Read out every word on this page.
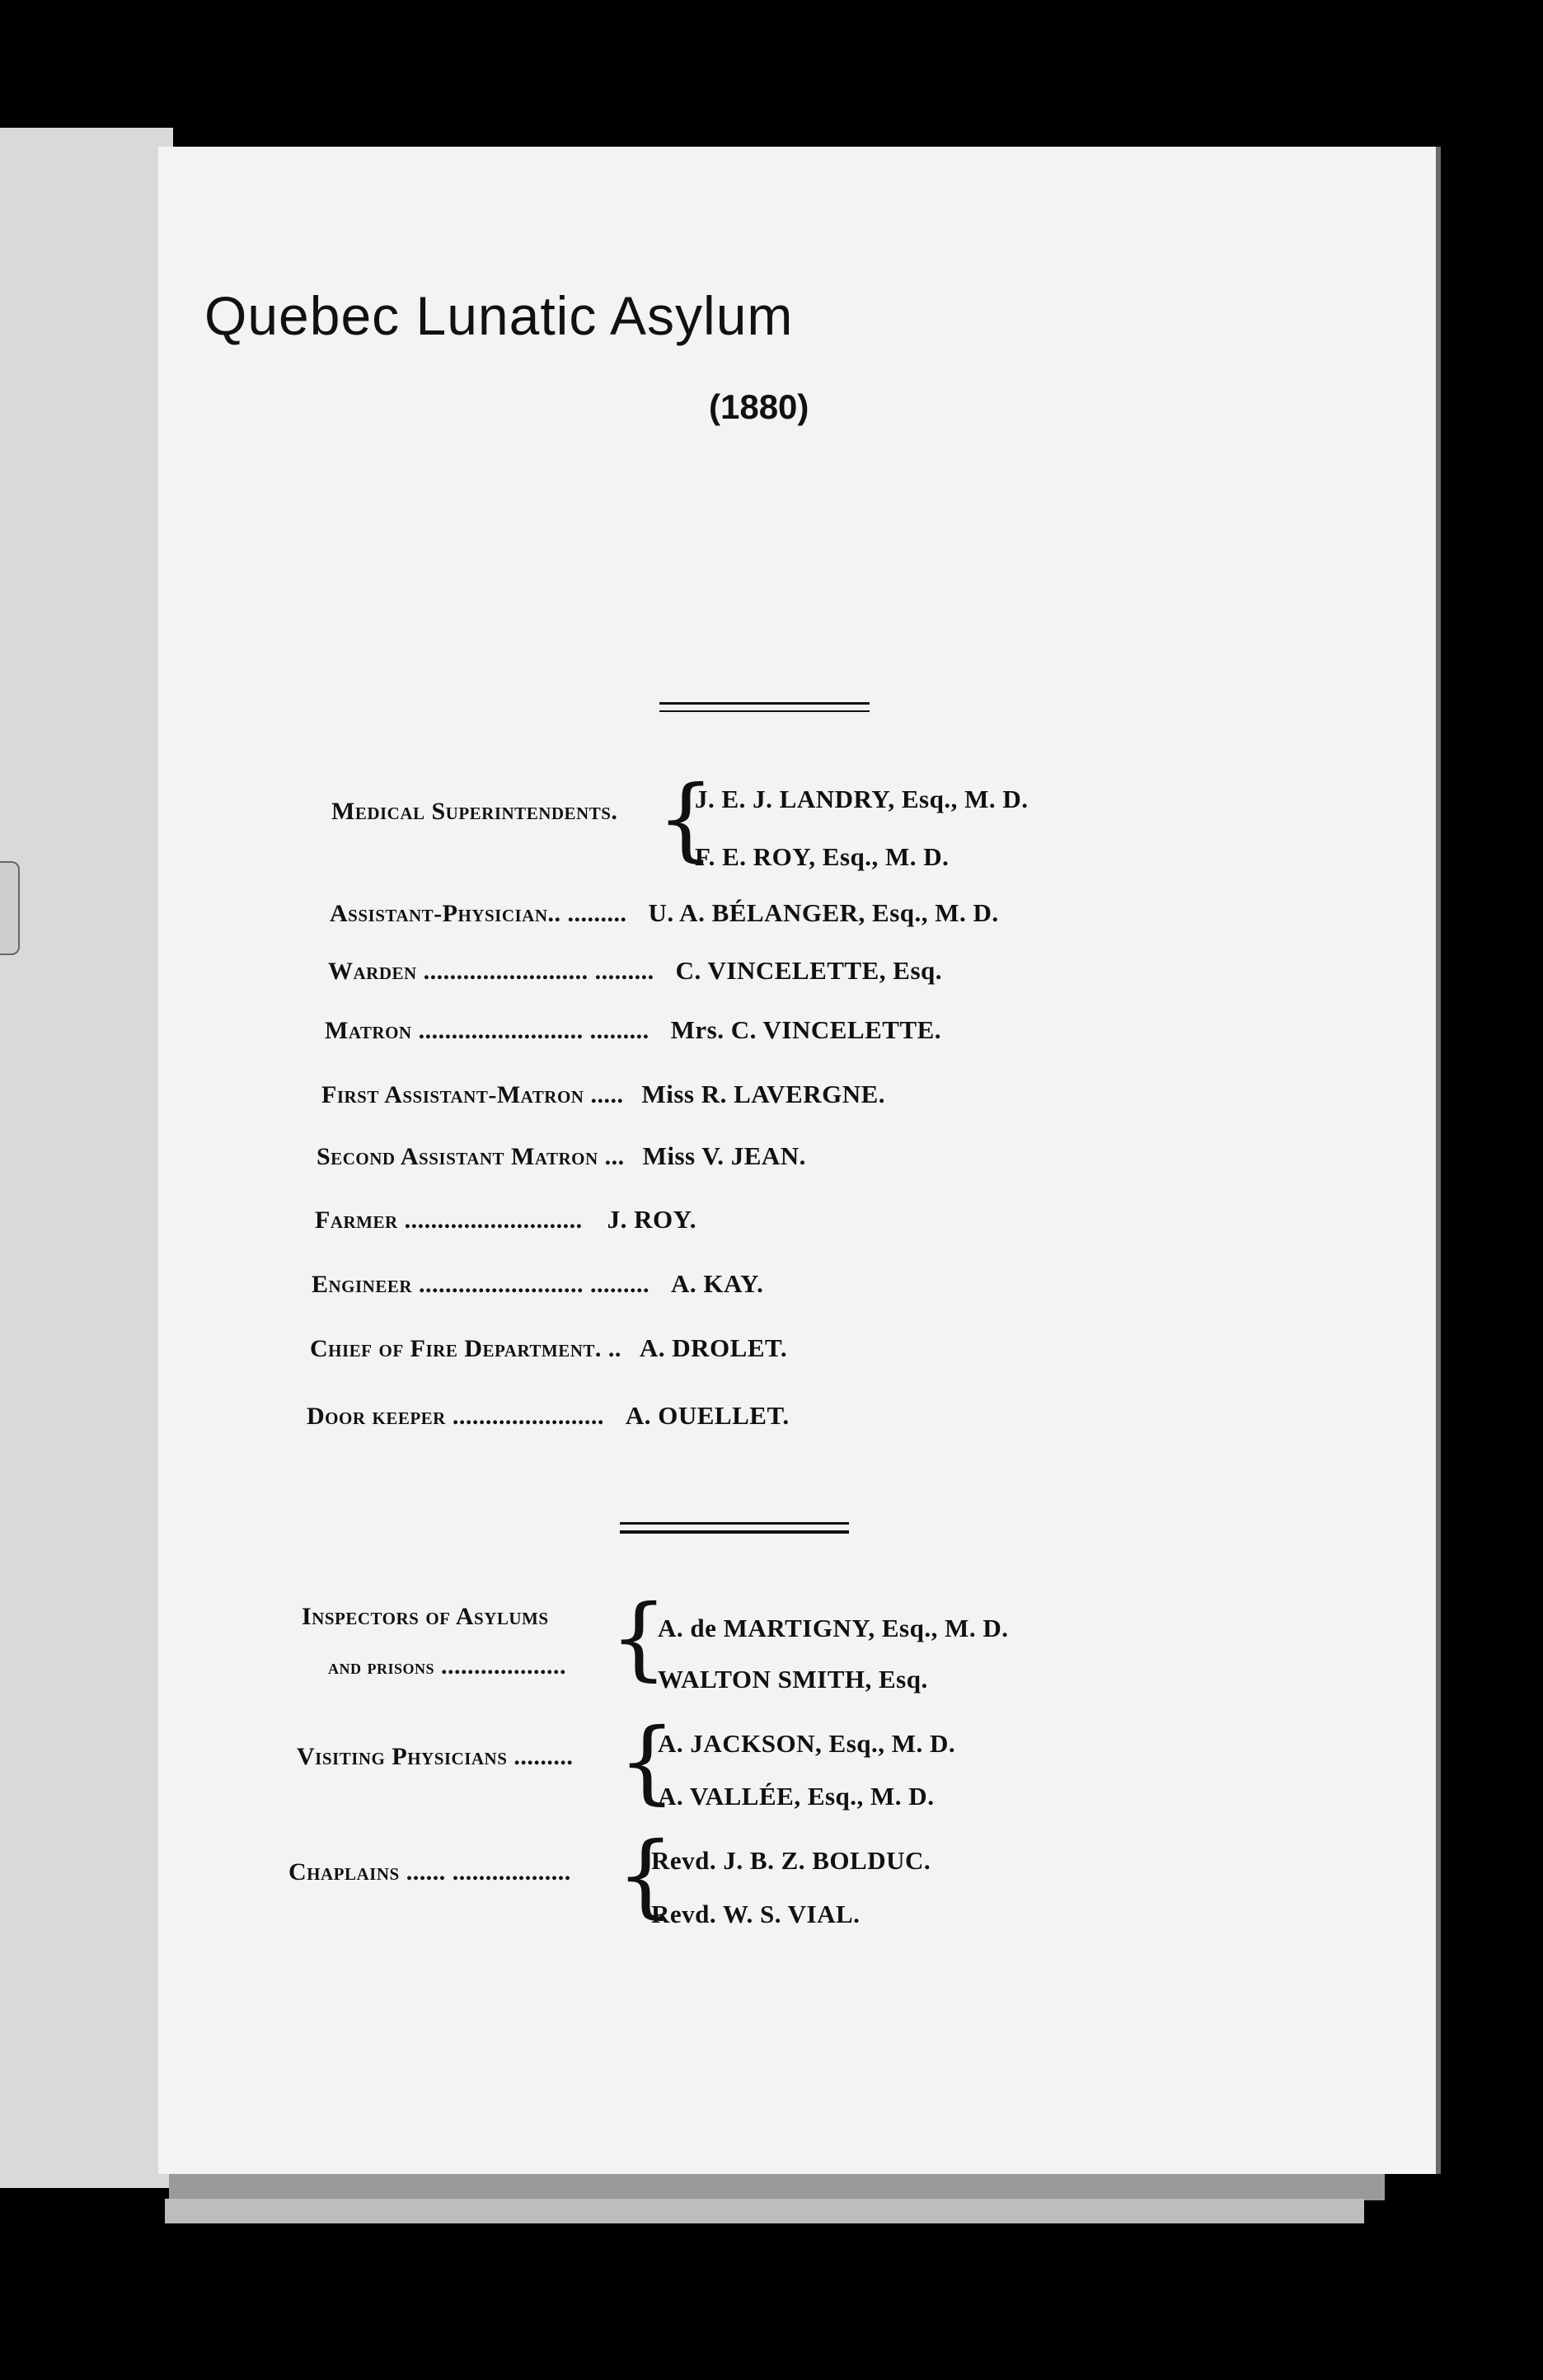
Quebec Lunatic Asylum
(1880)
Medical Superintendents. {
J. E. J. LANDRY, Esq., M. D.
F. E. ROY, Esq., M. D.
Assistant-Physician.. ......... U. A. BÉLANGER, Esq., M. D.
Warden ......................... ......... C. VINCELETTE, Esq.
Matron ......................... ......... Mrs. C. VINCELETTE.
First Assistant-Matron ..... Miss R. LAVERGNE.
Second Assistant Matron ... Miss V. JEAN.
Farmer ........................... J. ROY.
Engineer ......................... ......... A. KAY.
Chief of Fire Department. .. A. DROLET.
Door keeper ....................... A. OUELLET.
Inspectors of Asylums
and prisons ................... {
A. de MARTIGNY, Esq., M. D.
WALTON SMITH, Esq.
Visiting Physicians ......... {
A. JACKSON, Esq., M. D.
A. VALLÉE, Esq., M. D.
Chaplains ...... .................. {
Revd. J. B. Z. BOLDUC.
Revd. W. S. VIAL.
